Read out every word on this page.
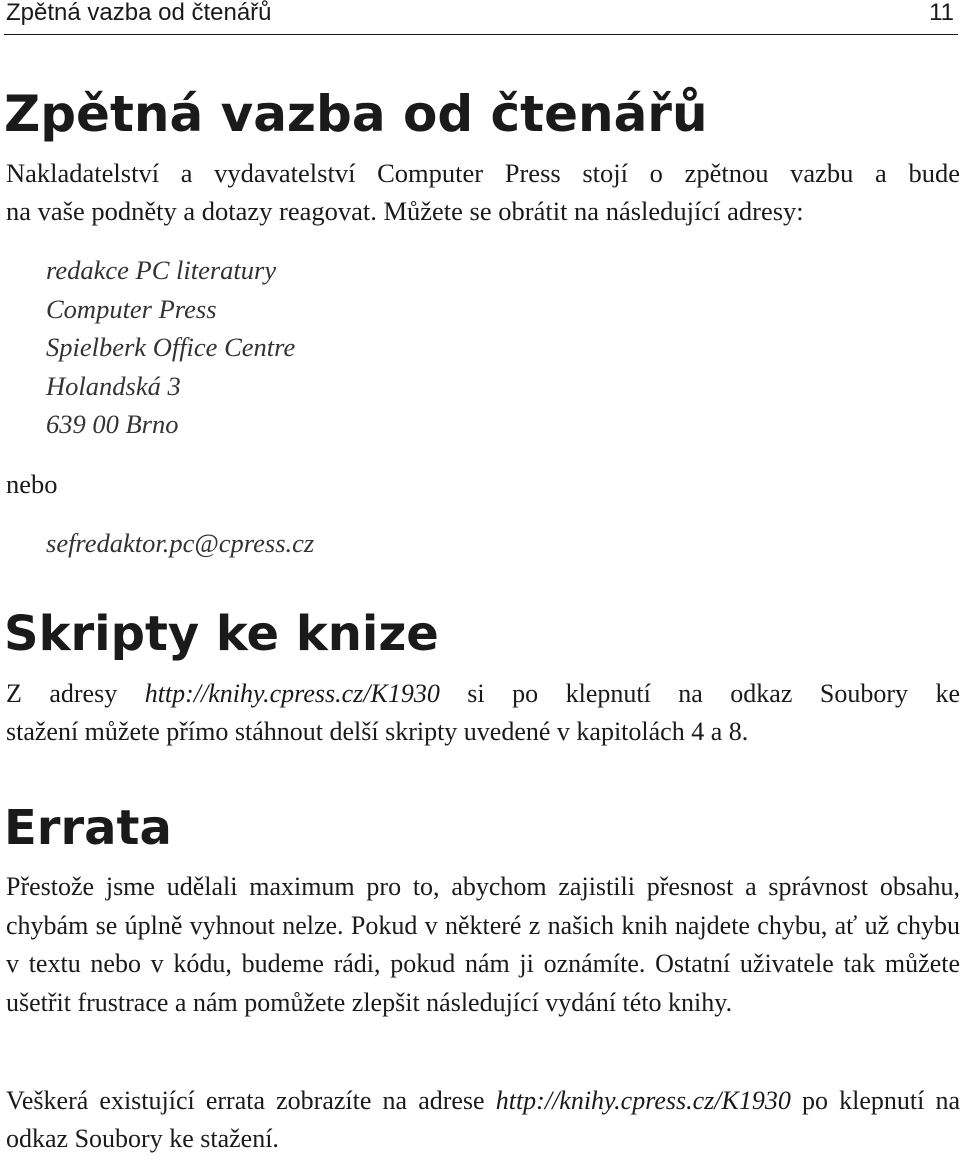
Zpětná vazba od čtenářů	11
Zpětná vazba od čtenářů
Nakladatelství a vydavatelství Computer Press stojí o zpětnou vazbu a bude
na vaše podněty a dotazy reagovat. Můžete se obrátit na následující adresy:
redakce PC literatury
Computer Press
Spielberk Office Centre
Holandská 3
639 00 Brno
nebo
sefredaktor.pc@cpress.cz
Skripty ke knize
Z adresy http://knihy.cpress.cz/K1930 si po klepnutí na odkaz Soubory ke
stažení můžete přímo stáhnout delší skripty uvedené v kapitolách 4 a 8.
Errata
Přestože jsme udělali maximum pro to, abychom zajistili přesnost a správnost obsahu, chybám se úplně vyhnout nelze. Pokud v některé z našich knih najdete chybu, ať už chybu v textu nebo v kódu, budeme rádi, pokud nám ji oznámíte. Ostatní uživatele tak můžete ušetřit frustrace a nám pomůžete zlepšit následující vydání této knihy.
Veškerá existující errata zobrazíte na adrese http://knihy.cpress.cz/K1930 po klepnutí na odkaz Soubory ke stažení.
